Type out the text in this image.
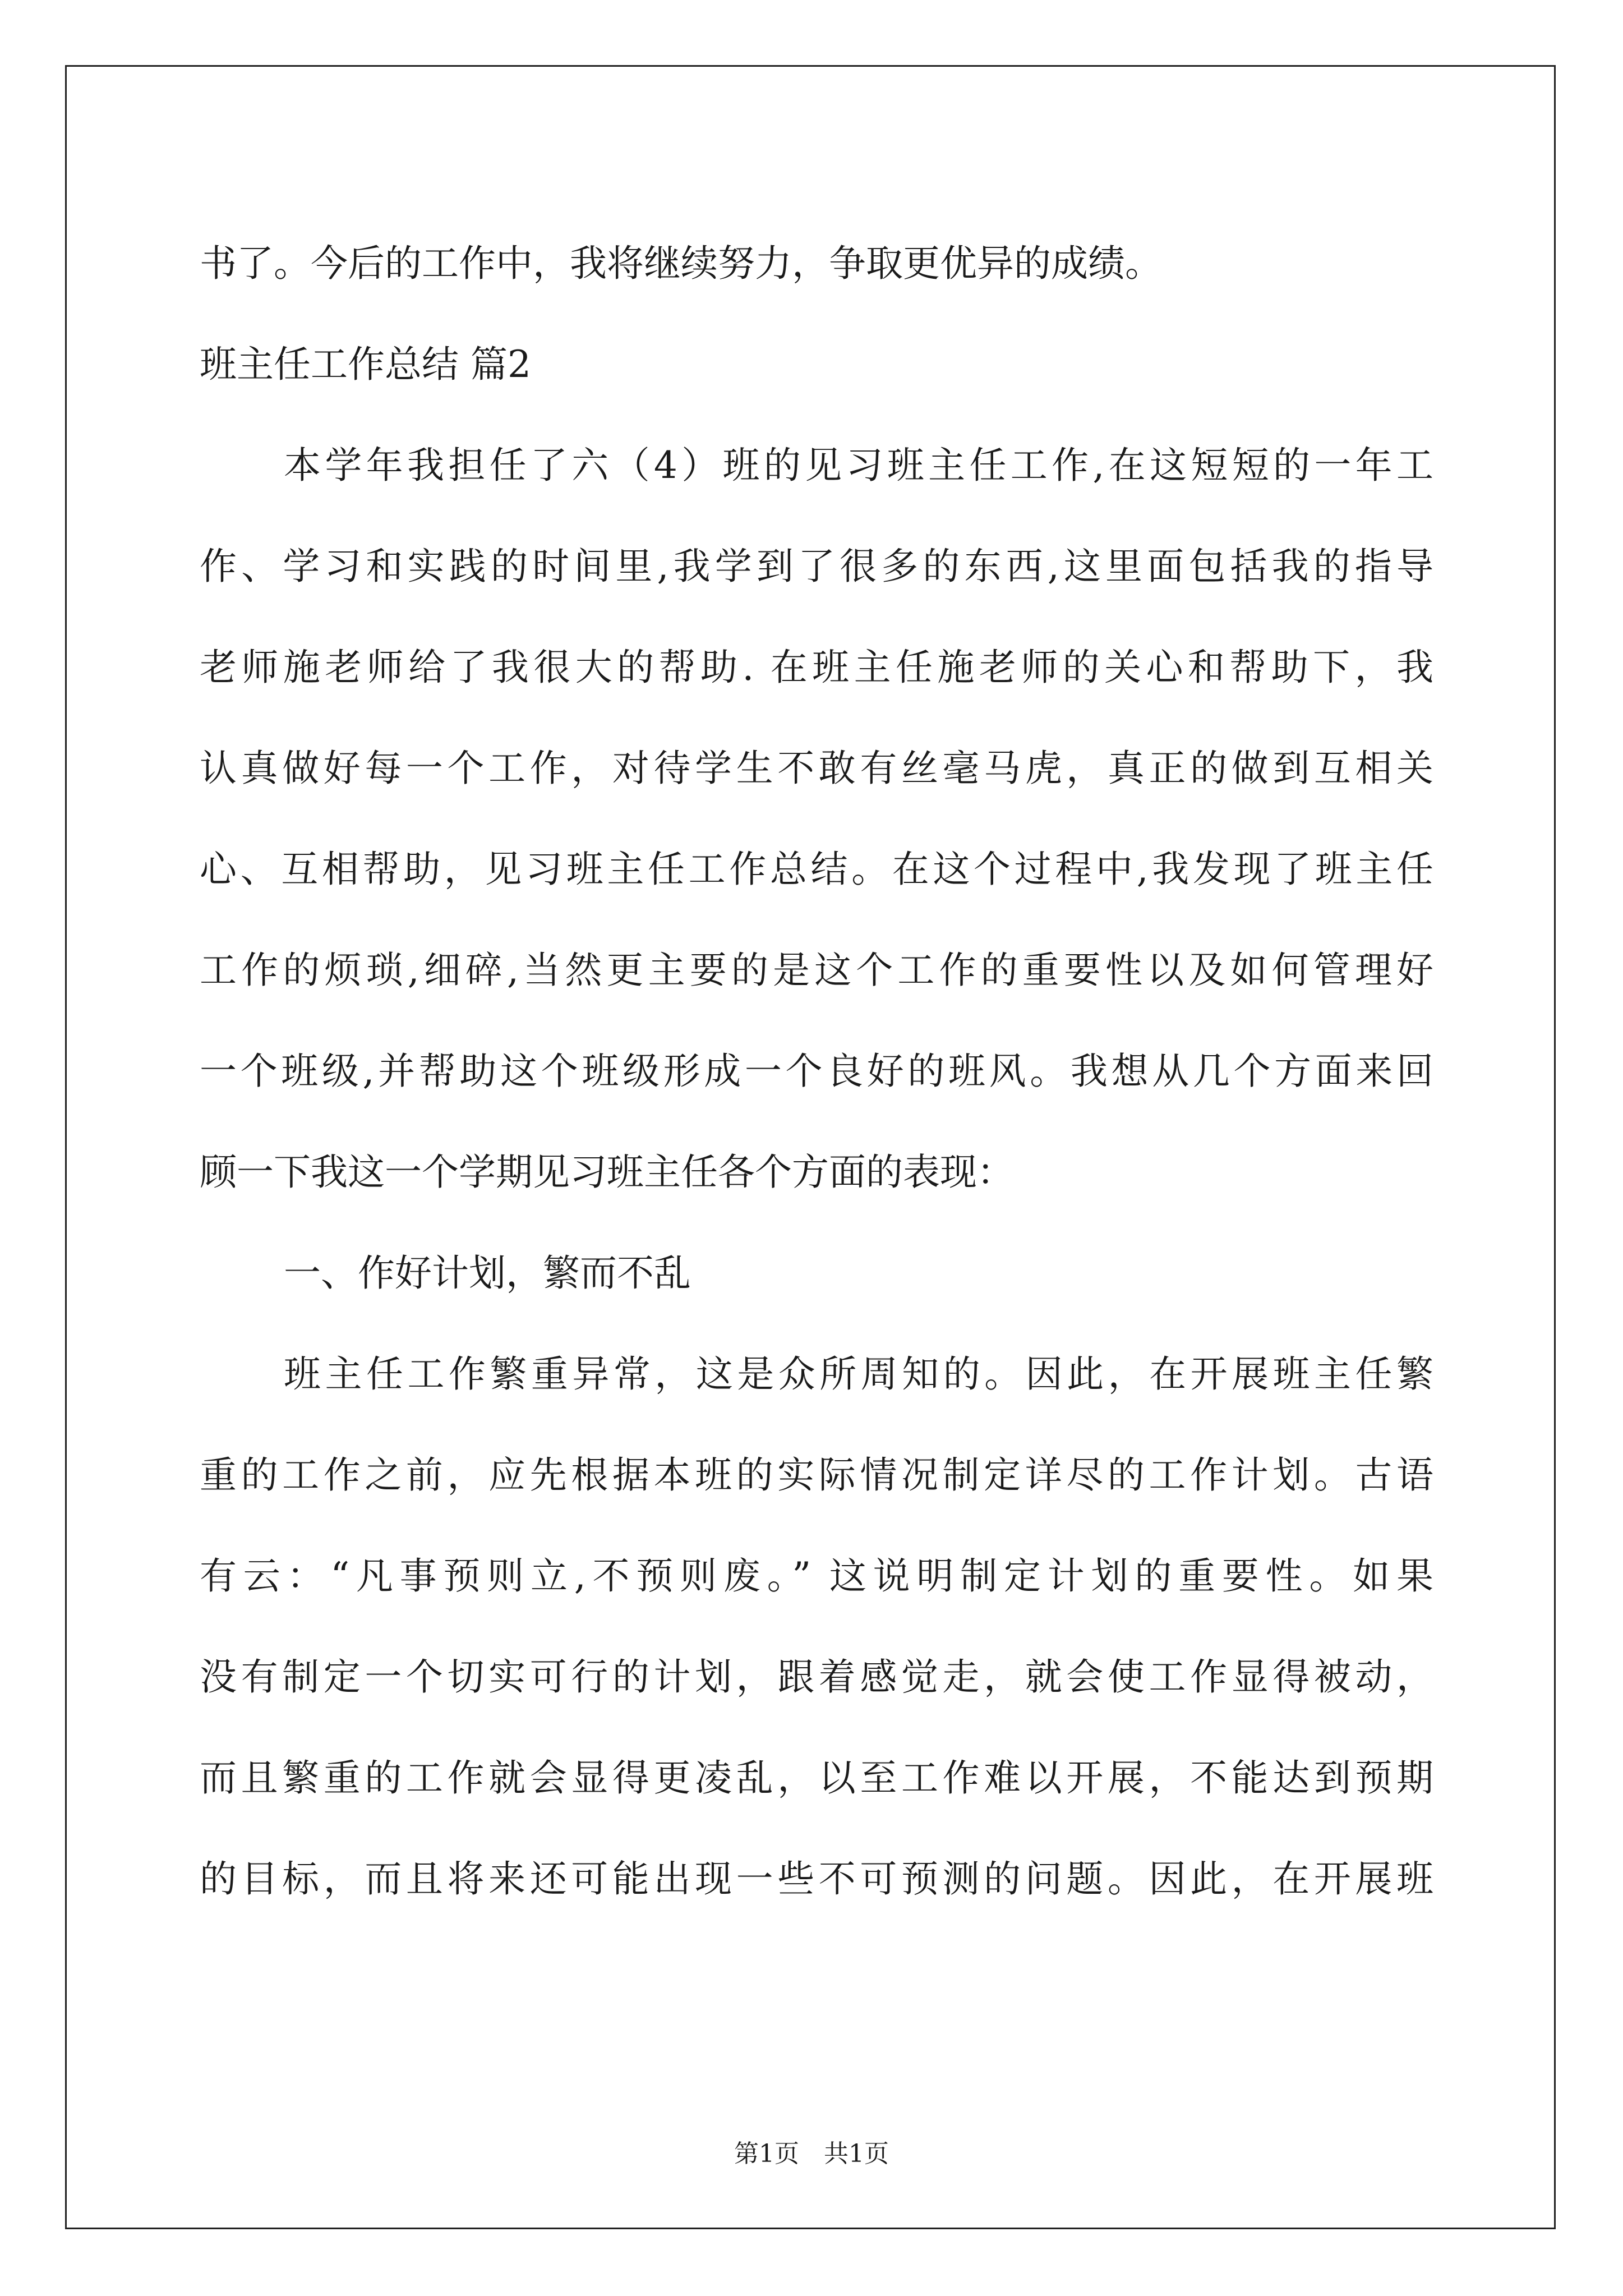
书了。今后的工作中，我将继续努力，争取更优异的成绩。
班主任工作总结 篇2
本学年我担任了六（4）班的见习班主任工作,在这短短的一年工
作、学习和实践的时间里,我学到了很多的东西,这里面包括我的指导
老师施老师给了我很大的帮助. 在班主任施老师的关心和帮助下，我
认真做好每一个工作，对待学生不敢有丝毫马虎，真正的做到互相关
心、互相帮助，见习班主任工作总结。在这个过程中,我发现了班主任
工作的烦琐,细碎,当然更主要的是这个工作的重要性以及如何管理好
一个班级,并帮助这个班级形成一个良好的班风。我想从几个方面来回
顾一下我这一个学期见习班主任各个方面的表现：
一、作好计划，繁而不乱
班主任工作繁重异常，这是众所周知的。因此，在开展班主任繁
重的工作之前，应先根据本班的实际情况制定详尽的工作计划。古语
有云：“凡事预则立,不预则废。” 这说明制定计划的重要性。如果
没有制定一个切实可行的计划，跟着感觉走，就会使工作显得被动，
而且繁重的工作就会显得更凌乱，以至工作难以开展，不能达到预期
的目标，而且将来还可能出现一些不可预测的问题。因此，在开展班
第1页　共1页
